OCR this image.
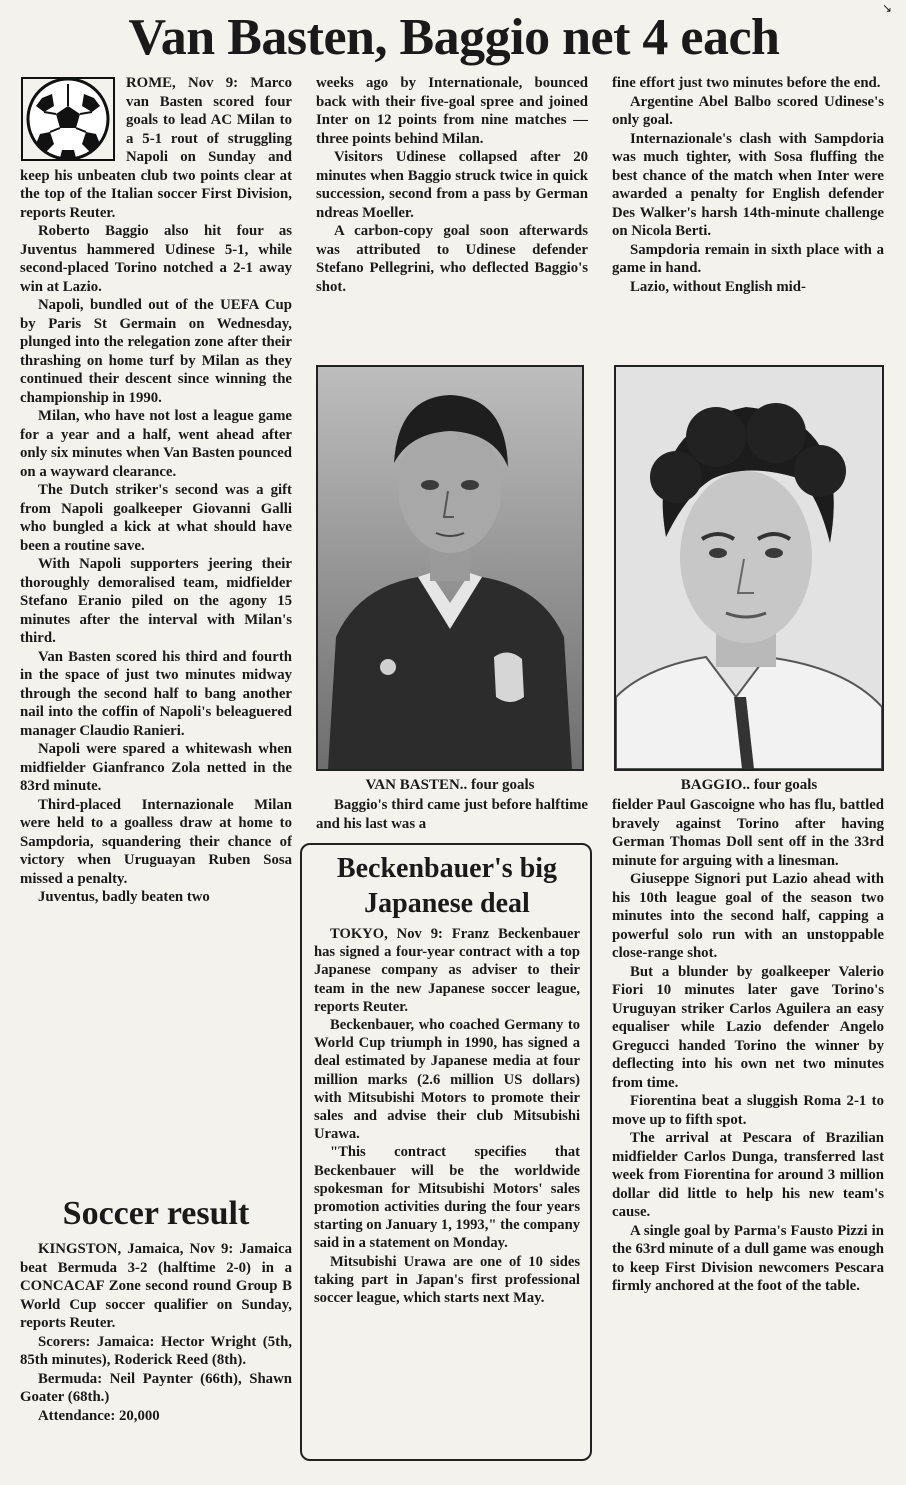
↘
Van Basten, Baggio net 4 each

ROME, Nov 9: Marco van Basten scored four goals to lead AC Milan to a 5-1 rout of struggling Napoli on Sunday and keep his unbeaten club two points clear at the top of the Italian soccer First Division, reports Reuter.

Roberto Baggio also hit four as Juventus hammered Udinese 5-1, while second-placed Torino notched a 2-1 away win at Lazio.

Napoli, bundled out of the UEFA Cup by Paris St Germain on Wednesday, plunged into the relegation zone after their thrashing on home turf by Milan as they continued their descent since winning the championship in 1990.

Milan, who have not lost a league game for a year and a half, went ahead after only six minutes when Van Basten pounced on a wayward clearance.

The Dutch striker's second was a gift from Napoli goalkeeper Giovanni Galli who bungled a kick at what should have been a routine save.

With Napoli supporters jeering their thoroughly demoralised team, midfielder Stefano Eranio piled on the agony 15 minutes after the interval with Milan's third.

Van Basten scored his third and fourth in the space of just two minutes midway through the second half to bang another nail into the coffin of Napoli's beleaguered manager Claudio Ranieri.

Napoli were spared a whitewash when midfielder Gianfranco Zola netted in the 83rd minute.

Third-placed Internazionale Milan were held to a goalless draw at home to Sampdoria, squandering their chance of victory when Uruguayan Ruben Sosa missed a penalty.

Juventus, badly beaten two

weeks ago by Internationale, bounced back with their five-goal spree and joined Inter on 12 points from nine matches — three points behind Milan.

Visitors Udinese collapsed after 20 minutes when Baggio struck twice in quick succession, second from a pass by German ndreas Moeller.

A carbon-copy goal soon afterwards was attributed to Udinese defender Stefano Pellegrini, who deflected Baggio's shot.

fine effort just two minutes before the end.

Argentine Abel Balbo scored Udinese's only goal.

Internazionale's clash with Sampdoria was much tighter, with Sosa fluffing the best chance of the match when Inter were awarded a penalty for English defender Des Walker's harsh 14th-minute challenge on Nicola Berti.

Sampdoria remain in sixth place with a game in hand.

Lazio, without English mid-

VAN BASTEN.. four goals	BAGGIO.. four goals

Baggio's third came just before halftime and his last was a

fielder Paul Gascoigne who has flu, battled bravely against Torino after having German Thomas Doll sent off in the 33rd minute for arguing with a linesman.

Giuseppe Signori put Lazio ahead with his 10th league goal of the season two minutes into the second half, capping a powerful solo run with an unstoppable close-range shot.

But a blunder by goalkeeper Valerio Fiori 10 minutes later gave Torino's Uruguyan striker Carlos Aguilera an easy equaliser while Lazio defender Angelo Gregucci handed Torino the winner by deflecting into his own net two minutes from time.

Fiorentina beat a sluggish Roma 2-1 to move up to fifth spot.

The arrival at Pescara of Brazilian midfielder Carlos Dunga, transferred last week from Fiorentina for around 3 million dollar did little to help his new team's cause.

A single goal by Parma's Fausto Pizzi in the 63rd minute of a dull game was enough to keep First Division newcomers Pescara firmly anchored at the foot of the table.

Beckenbauer's big Japanese deal

TOKYO, Nov 9: Franz Beckenbauer has signed a four-year contract with a top Japanese company as adviser to their team in the new Japanese soccer league, reports Reuter.

Beckenbauer, who coached Germany to World Cup triumph in 1990, has signed a deal estimated by Japanese media at four million marks (2.6 million US dollars) with Mitsubishi Motors to promote their sales and advise their club Mitsubishi Urawa.

"This contract specifies that Beckenbauer will be the worldwide spokesman for Mitsubishi Motors' sales promotion activities during the four years starting on January 1, 1993," the company said in a statement on Monday.

Mitsubishi Urawa are one of 10 sides taking part in Japan's first professional soccer league, which starts next May.

Soccer result

KINGSTON, Jamaica, Nov 9: Jamaica beat Bermuda 3-2 (halftime 2-0) in a CONCACAF Zone second round Group B World Cup soccer qualifier on Sunday, reports Reuter.

Scorers: Jamaica: Hector Wright (5th, 85th minutes), Roderick Reed (8th).

Bermuda: Neil Paynter (66th), Shawn Goater (68th.)

Attendance: 20,000
